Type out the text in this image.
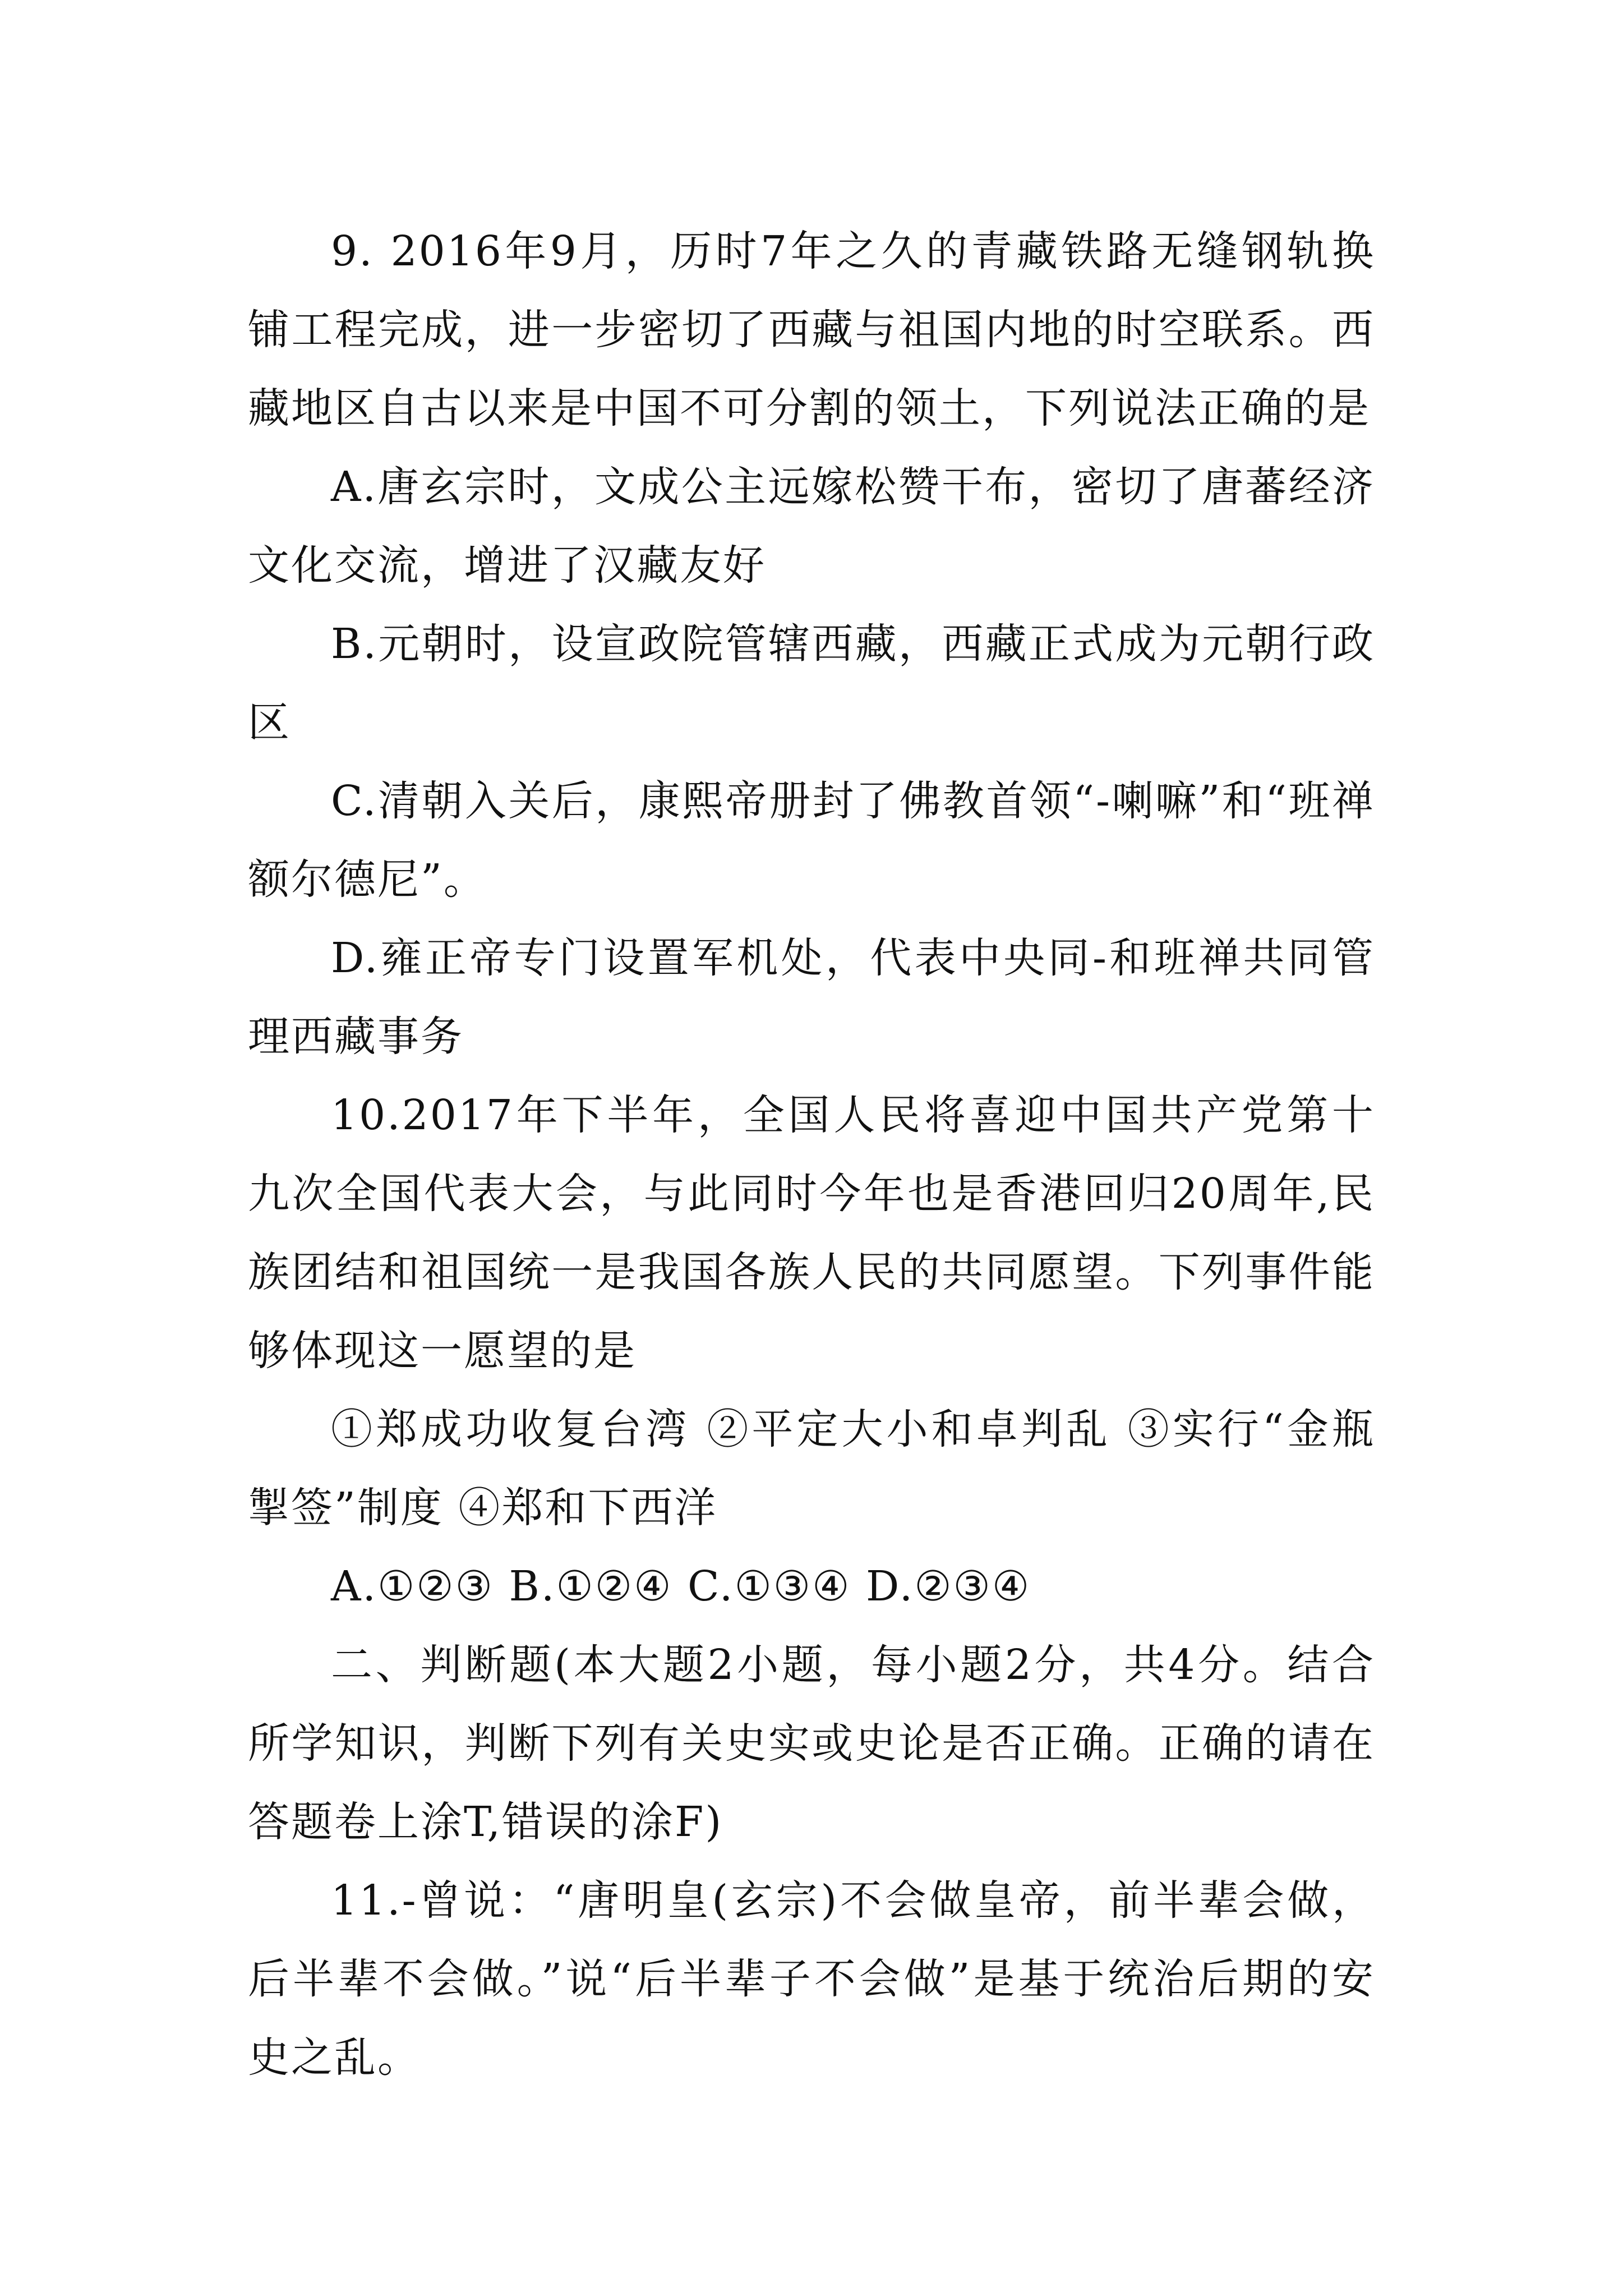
9. 2016年9月，历时7年之久的青藏铁路无缝钢轨换铺工程完成，进一步密切了西藏与祖国内地的时空联系。西藏地区自古以来是中国不可分割的领土，下列说法正确的是

A.唐玄宗时，文成公主远嫁松赞干布，密切了唐蕃经济文化交流，增进了汉藏友好

B.元朝时，设宣政院管辖西藏，西藏正式成为元朝行政区

C.清朝入关后，康熙帝册封了佛教首领“-喇嘛”和“班禅额尔德尼”。

D.雍正帝专门设置军机处，代表中央同-和班禅共同管理西藏事务

10.2017年下半年，全国人民将喜迎中国共产党第十九次全国代表大会，与此同时今年也是香港回归20周年,民族团结和祖国统一是我国各族人民的共同愿望。下列事件能够体现这一愿望的是

①郑成功收复台湾 ②平定大小和卓判乱 ③实行“金瓶掣签”制度 ④郑和下西洋

A.①②③ B.①②④ C.①③④ D.②③④

二、判断题(本大题2小题，每小题2分，共4分。结合所学知识，判断下列有关史实或史论是否正确。正确的请在答题卷上涂T,错误的涂F)

11.-曾说：“唐明皇(玄宗)不会做皇帝，前半辈会做，后半辈不会做。”说“后半辈子不会做”是基于统治后期的安史之乱。
